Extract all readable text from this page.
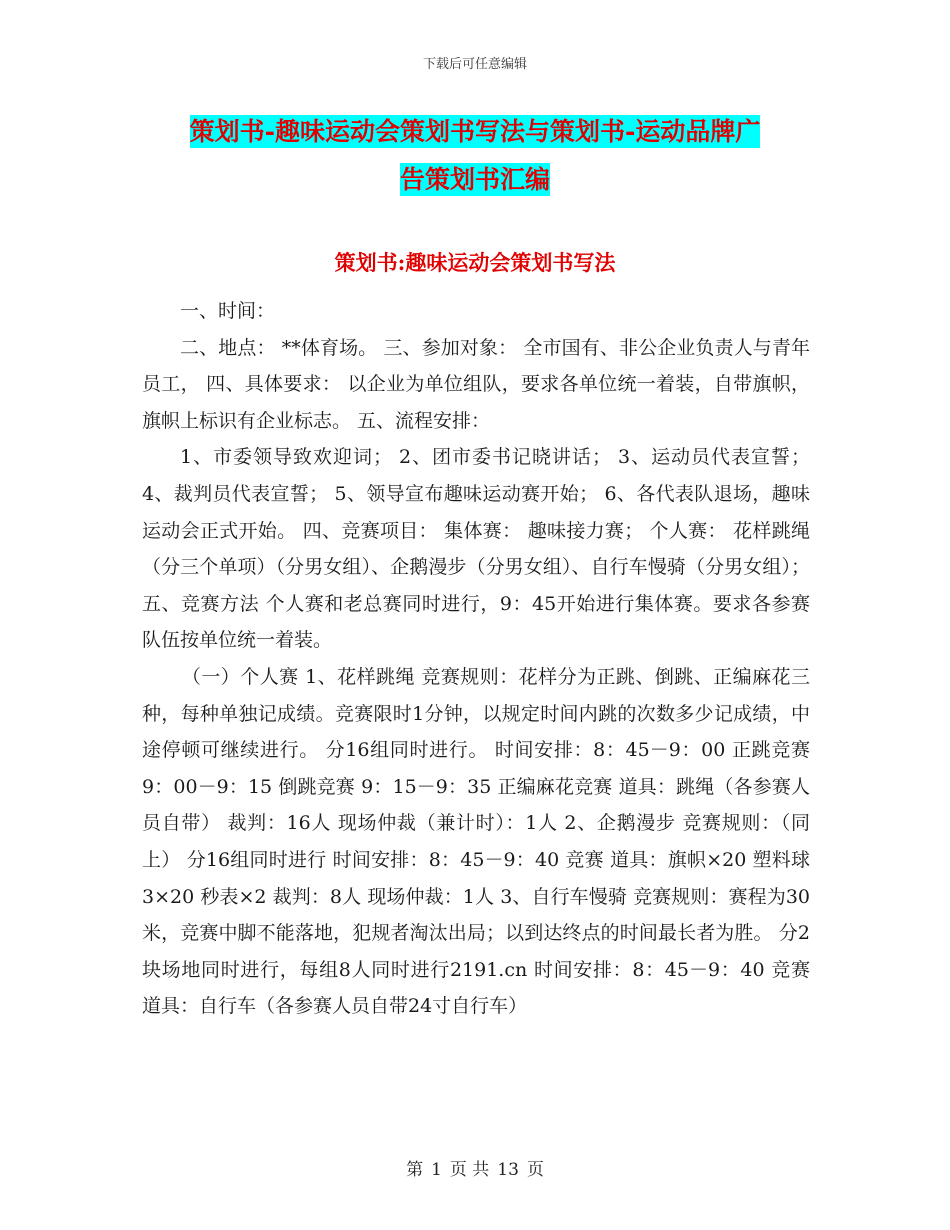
下载后可任意编辑
策划书-趣味运动会策划书写法与策划书-运动品牌广
告策划书汇编
策划书:趣味运动会策划书写法

一、时间：

二、地点： **体育场。 三、参加对象： 全市国有、非公企业负责人与青年员工， 四、具体要求： 以企业为单位组队，要求各单位统一着装，自带旗帜，旗帜上标识有企业标志。 五、流程安排：

1、市委领导致欢迎词； 2、团市委书记晓讲话； 3、运动员代表宣誓； 4、裁判员代表宣誓； 5、领导宣布趣味运动赛开始； 6、各代表队退场，趣味运动会正式开始。 四、竞赛项目： 集体赛： 趣味接力赛； 个人赛： 花样跳绳（分三个单项）（分男女组）、企鹅漫步（分男女组）、自行车慢骑（分男女组）； 五、竞赛方法 个人赛和老总赛同时进行，9：45开始进行集体赛。要求各参赛队伍按单位统一着装。

（一）个人赛 1、花样跳绳 竞赛规则：花样分为正跳、倒跳、正编麻花三种，每种单独记成绩。竞赛限时1分钟，以规定时间内跳的次数多少记成绩，中途停顿可继续进行。 分16组同时进行。 时间安排：8：45－9：00 正跳竞赛 9：00－9：15 倒跳竞赛 9：15－9：35 正编麻花竞赛 道具：跳绳（各参赛人员自带） 裁判：16人 现场仲裁（兼计时）：1人 2、企鹅漫步 竞赛规则：（同上） 分16组同时进行 时间安排：8：45－9：40 竞赛 道具：旗帜×20 塑料球3×20 秒表×2 裁判：8人 现场仲裁：1人 3、自行车慢骑 竞赛规则：赛程为30米，竞赛中脚不能落地，犯规者淘汰出局；以到达终点的时间最长者为胜。 分2块场地同时进行，每组8人同时进行2191.cn 时间安排：8：45－9：40 竞赛 道具：自行车（各参赛人员自带24寸自行车）

第 1 页 共 13 页
